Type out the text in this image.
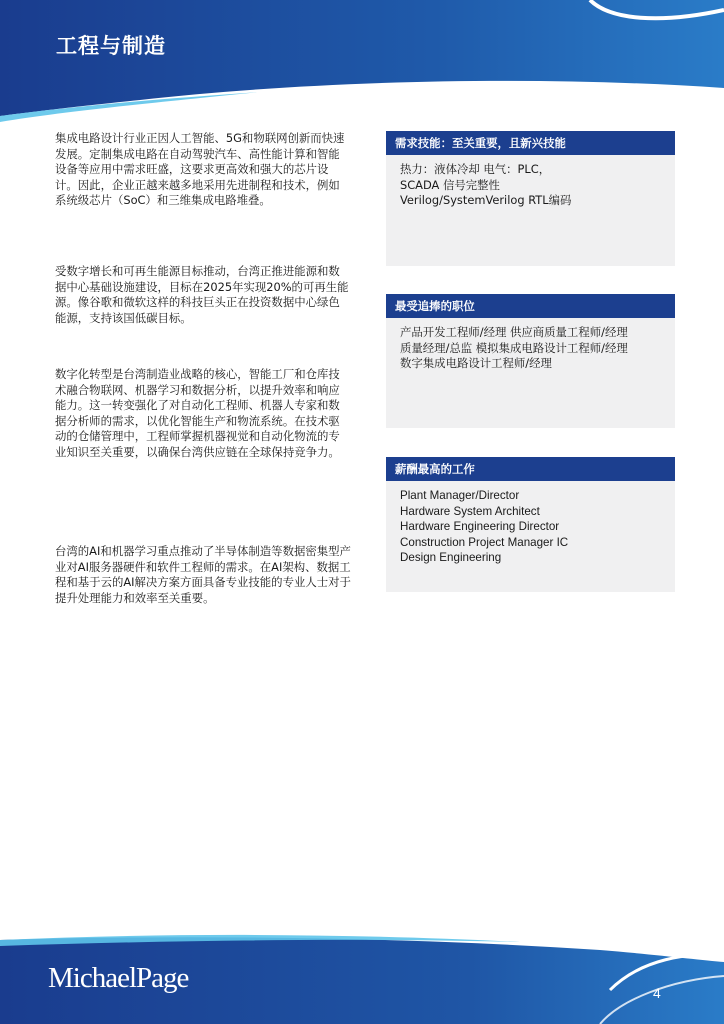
工程与制造
集成电路设计行业正因人工智能、5G和物联网创新而快速发展。定制集成电路在自动驾驶汽车、高性能计算和智能设备等应用中需求旺盛，这要求更高效和强大的芯片设计。因此，企业正越来越多地采用先进制程和技术，例如系统级芯片（SoC）和三维集成电路堆叠。
受数字增长和可再生能源目标推动，台湾正推进能源和数据中心基础设施建设，目标在2025年实现20%的可再生能源。像谷歌和微软这样的科技巨头正在投资数据中心绿色能源，支持该国低碳目标。
数字化转型是台湾制造业战略的核心，智能工厂和仓库技术融合物联网、机器学习和数据分析，以提升效率和响应能力。这一转变强化了对自动化工程师、机器人专家和数据分析师的需求，以优化智能生产和物流系统。在技术驱动的仓储管理中，工程师掌握机器视觉和自动化物流的专业知识至关重要，以确保台湾供应链在全球保持竞争力。
台湾的AI和机器学习重点推动了半导体制造等数据密集型产业对AI服务器硬件和软件工程师的需求。在AI架构、数据工程和基于云的AI解决方案方面具备专业技能的专业人士对于提升处理能力和效率至关重要。
需求技能：至关重要，且新兴技能
热力：液体冷却 电气：PLC，SCADA 信号完整性 Verilog/SystemVerilog RTL编码
最受追捧的职位
产品开发工程师/经理 供应商质量工程师/经理 质量经理/总监 模拟集成电路设计工程师/经理 数字集成电路设计工程师/经理
薪酬最高的工作
Plant Manager/Director Hardware System Architect Hardware Engineering Director Construction Project Manager IC Design Engineering
MichaelPage	4
